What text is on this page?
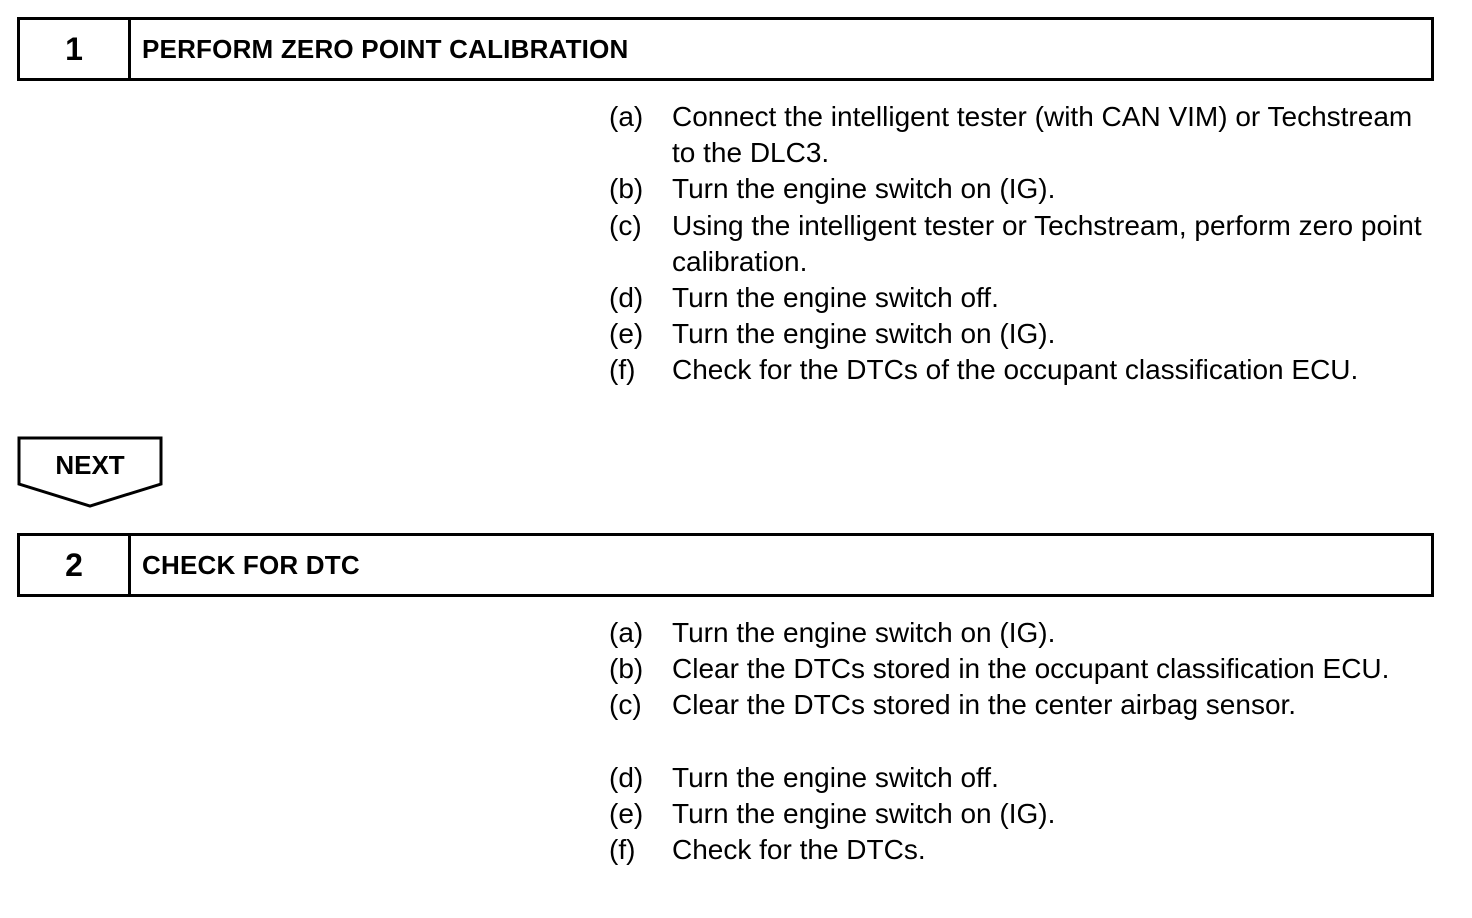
1	PERFORM ZERO POINT CALIBRATION
(a)	Connect the intelligent tester (with CAN VIM) or Techstream to the DLC3.
(b)	Turn the engine switch on (IG).
(c)	Using the intelligent tester or Techstream, perform zero point calibration.
(d)	Turn the engine switch off.
(e)	Turn the engine switch on (IG).
(f)	Check for the DTCs of the occupant classification ECU.
NEXT
2	CHECK FOR DTC
(a)	Turn the engine switch on (IG).
(b)	Clear the DTCs stored in the occupant classification ECU.
(c)	Clear the DTCs stored in the center airbag sensor.
(d)	Turn the engine switch off.
(e)	Turn the engine switch on (IG).
(f)	Check for the DTCs.
